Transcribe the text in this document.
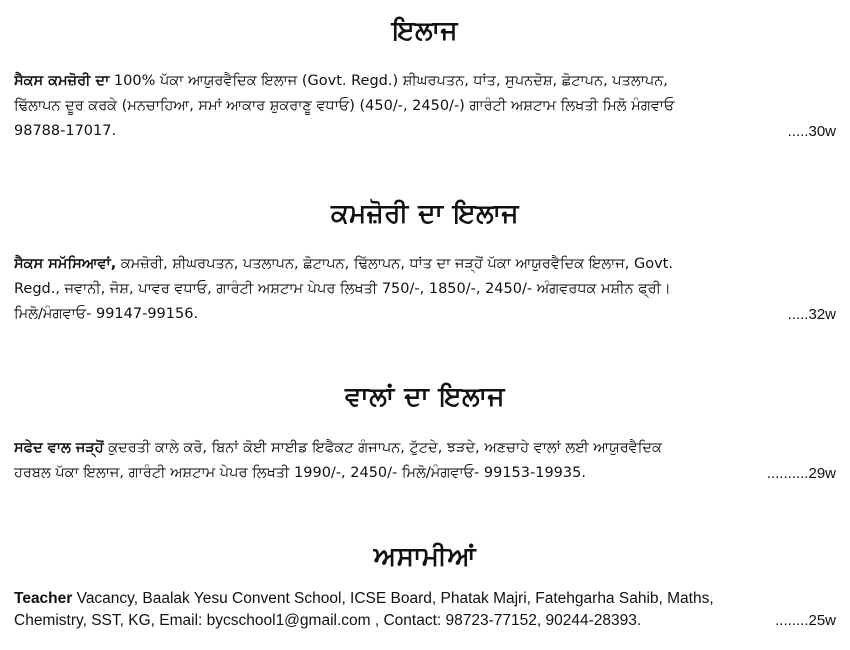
ਇਲਾਜ

ਸੈਕਸ ਕਮਜ਼ੋਰੀ ਦਾ 100% ਪੱਕਾ ਆਯੁਰਵੈਦਿਕ ਇਲਾਜ (Govt. Regd.) ਸ਼ੀਘਰਪਤਨ, ਧਾਂਤ, ਸੁਪਨਦੋਸ਼, ਛੋਟਾਪਨ, ਪਤਲਾਪਨ,
ਢਿੱਲਾਪਨ ਦੂਰ ਕਰਕੇ (ਮਨਚਾਹਿਆ, ਸਮਾਂ ਆਕਾਰ ਸ਼ੁਕਰਾਣੂ ਵਧਾਓ) (450/-, 2450/-) ਗਾਰੰਟੀ ਅਸ਼ਟਾਮ ਲਿਖਤੀ ਮਿਲੋ ਮੰਗਵਾਓ
.....30w
98788-17017.

ਕਮਜ਼ੋਰੀ ਦਾ ਇਲਾਜ

ਸੈਕਸ ਸਮੱਸਿਆਵਾਂ, ਕਮਜ਼ੋਰੀ, ਸ਼ੀਘਰਪਤਨ, ਪਤਲਾਪਨ, ਛੋਟਾਪਨ, ਢਿੱਲਾਪਨ, ਧਾਂਤ ਦਾ ਜੜ੍ਹੋਂ ਪੱਕਾ ਆਯੁਰਵੈਦਿਕ ਇਲਾਜ, Govt.
Regd., ਜਵਾਨੀ, ਜੋਸ਼, ਪਾਵਰ ਵਧਾਓ, ਗਾਰੰਟੀ ਅਸ਼ਟਾਮ ਪੇਪਰ ਲਿਖਤੀ 750/-, 1850/-, 2450/- ਅੰਗਵਰਧਕ ਮਸ਼ੀਨ ਫ੍ਰੀ।
.....32w
ਮਿਲੋ/ਮੰਗਵਾਓ- 99147-99156.

ਵਾਲਾਂ ਦਾ ਇਲਾਜ

ਸਫੇਦ ਵਾਲ ਜੜ੍ਹੋਂ ਕੁਦਰਤੀ ਕਾਲੇ ਕਰੋ, ਬਿਨਾਂ ਕੋਈ ਸਾਈਡ ਇਫੈਕਟ ਗੰਜਾਪਨ, ਟੁੱਟਦੇ, ਝੜਦੇ, ਅਣਚਾਹੇ ਵਾਲਾਂ ਲਈ ਆਯੁਰਵੈਦਿਕ
..........29w
ਹਰਬਲ ਪੱਕਾ ਇਲਾਜ, ਗਾਰੰਟੀ ਅਸ਼ਟਾਮ ਪੇਪਰ ਲਿਖਤੀ 1990/-, 2450/- ਮਿਲੋ/ਮੰਗਵਾਓ- 99153-19935.

ਅਸਾਮੀਆਂ

Teacher Vacancy, Baalak Yesu Convent School, ICSE Board, Phatak Majri, Fatehgarha Sahib, Maths,
........25w
Chemistry, SST, KG, Email: bycschool1@gmail.com , Contact: 98723-77152, 90244-28393.
